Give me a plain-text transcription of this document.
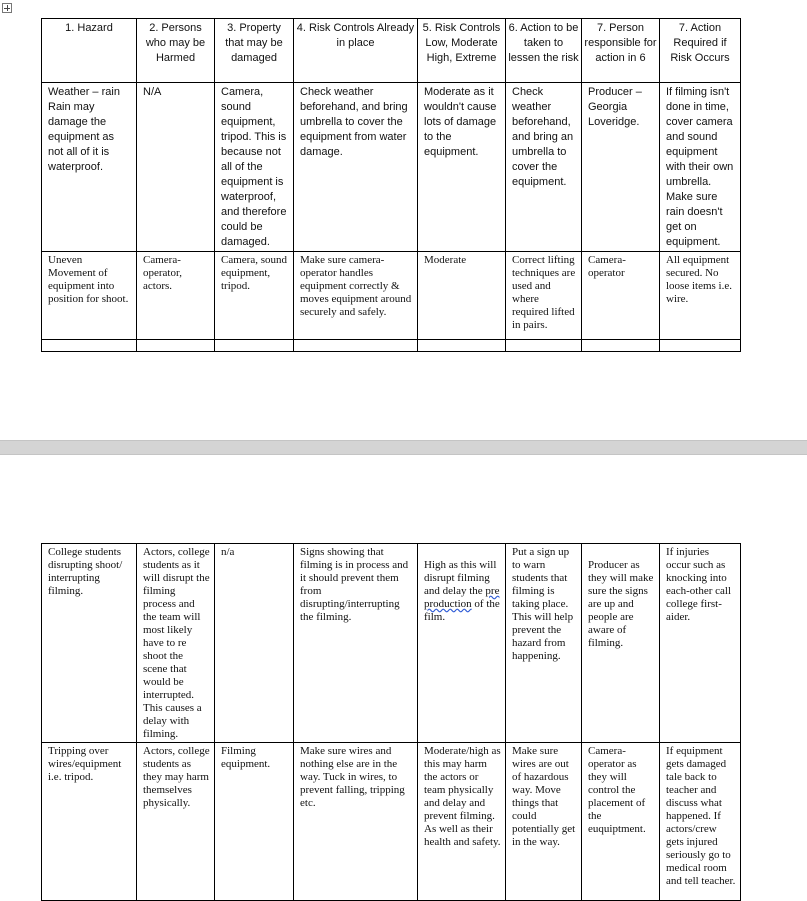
1. Hazard	2. Persons who may be Harmed	3. Property that may be damaged	4. Risk Controls Already in place	5. Risk Controls Low, Moderate High, Extreme	6. Action to be taken to lessen the risk	7. Person responsible for action in 6	7. Action Required if Risk Occurs
Weather – rain Rain may damage the equipment as not all of it is waterproof.	N/A	Camera, sound equipment, tripod. This is because not all of the equipment is waterproof, and therefore could be damaged.	Check weather beforehand, and bring umbrella to cover the equipment from water damage.	Moderate as it wouldn't cause lots of damage to the equipment.	Check weather beforehand, and bring an umbrella to cover the equipment.	Producer – Georgia Loveridge.	If filming isn't done in time, cover camera and sound equipment with their own umbrella. Make sure rain doesn't get on equipment.
Uneven Movement of equipment into position for shoot.	Camera-operator, actors.	Camera, sound equipment, tripod.	Make sure camera-operator handles equipment correctly & moves equipment around securely and safely.	Moderate	Correct lifting techniques are used and where required lifted in pairs.	Camera-operator	All equipment secured. No loose items i.e. wire.

College students disrupting shoot/ interrupting filming.	Actors, college students as it will disrupt the filming process and the team will most likely have to re shoot the scene that would be interrupted. This causes a delay with filming.	n/a	Signs showing that filming is in process and it should prevent them from disrupting/interrupting the filming.	High as this will disrupt filming and delay the pre production of the film.	Put a sign up to warn students that filming is taking place. This will help prevent the hazard from happening.	Producer as they will make sure the signs are up and people are aware of filming.	If injuries occur such as knocking into each-other call college first-aider.
Tripping over wires/equipment i.e. tripod.	Actors, college students as they may harm themselves physically.	Filming equipment.	Make sure wires and nothing else are in the way. Tuck in wires, to prevent falling, tripping etc.	Moderate/high as this may harm the actors or team physically and delay and prevent filming. As well as their health and safety.	Make sure wires are out of hazardous way. Move things that could potentially get in the way.	Camera-operator as they will control the placement of the euquiptment.	If equipment gets damaged tale back to teacher and discuss what happened. If actors/crew gets injured seriously go to medical room and tell teacher.
